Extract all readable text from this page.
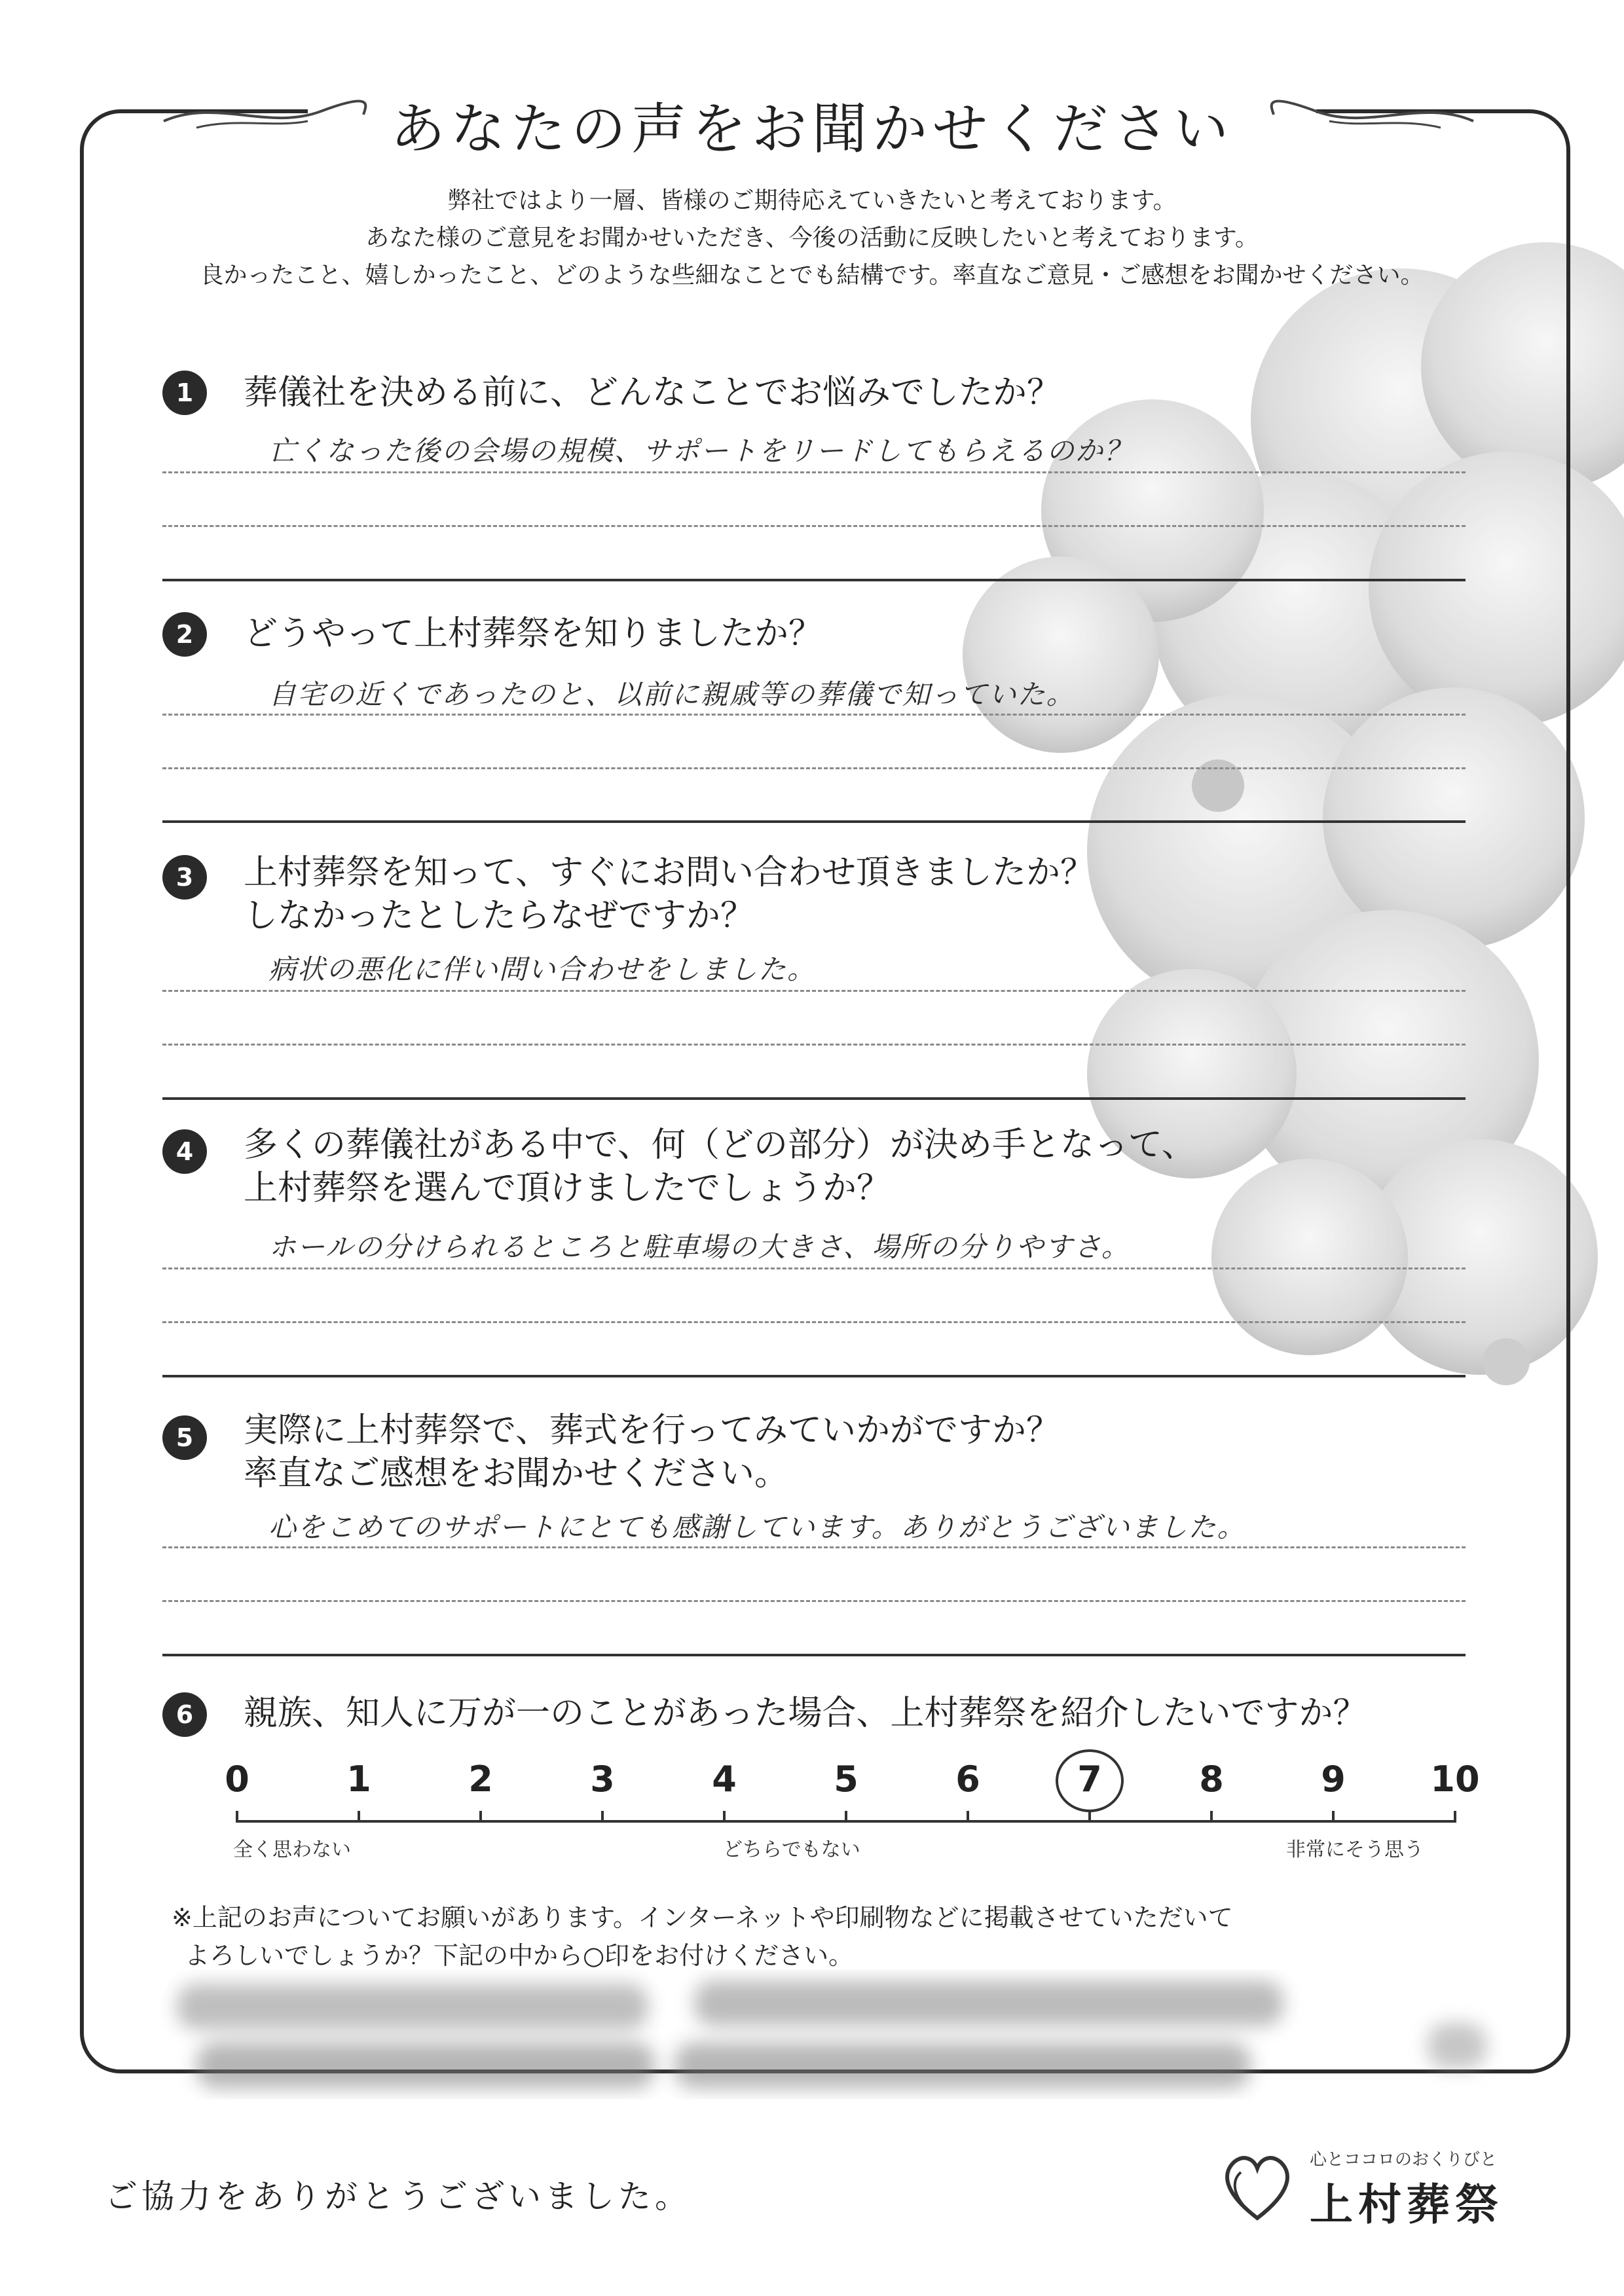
あなたの声をお聞かせください
弊社ではより一層、皆様のご期待応えていきたいと考えております。
あなた様のご意見をお聞かせいただき、今後の活動に反映したいと考えております。
良かったこと、嬉しかったこと、どのような些細なことでも結構です。率直なご意見・ご感想をお聞かせください。
1	葬儀社を決める前に、どんなことでお悩みでしたか？
亡くなった後の会場の規模、サポートをリードしてもらえるのか？
2	どうやって上村葬祭を知りましたか？
自宅の近くであったのと、以前に親戚等の葬儀で知っていた。
3	上村葬祭を知って、すぐにお問い合わせ頂きましたか？
しなかったとしたらなぜですか？
病状の悪化に伴い問い合わせをしました。
4	多くの葬儀社がある中で、何（どの部分）が決め手となって、
上村葬祭を選んで頂けましたでしょうか？
ホールの分けられるところと駐車場の大きさ、場所の分りやすさ。
5	実際に上村葬祭で、葬式を行ってみていかがですか？
率直なご感想をお聞かせください。
心をこめてのサポートにとても感謝しています。ありがとうございました。
6	親族、知人に万が一のことがあった場合、上村葬祭を紹介したいですか？
0	1	2	3	4	5	6	7	8	9	10
全く思わない	どちらでもない	非常にそう思う
※上記のお声についてお願いがあります。インターネットや印刷物などに掲載させていただいて
よろしいでしょうか？下記の中から○印をお付けください。
ご協力をありがとうございました。
心とココロのおくりびと
上村葬祭
